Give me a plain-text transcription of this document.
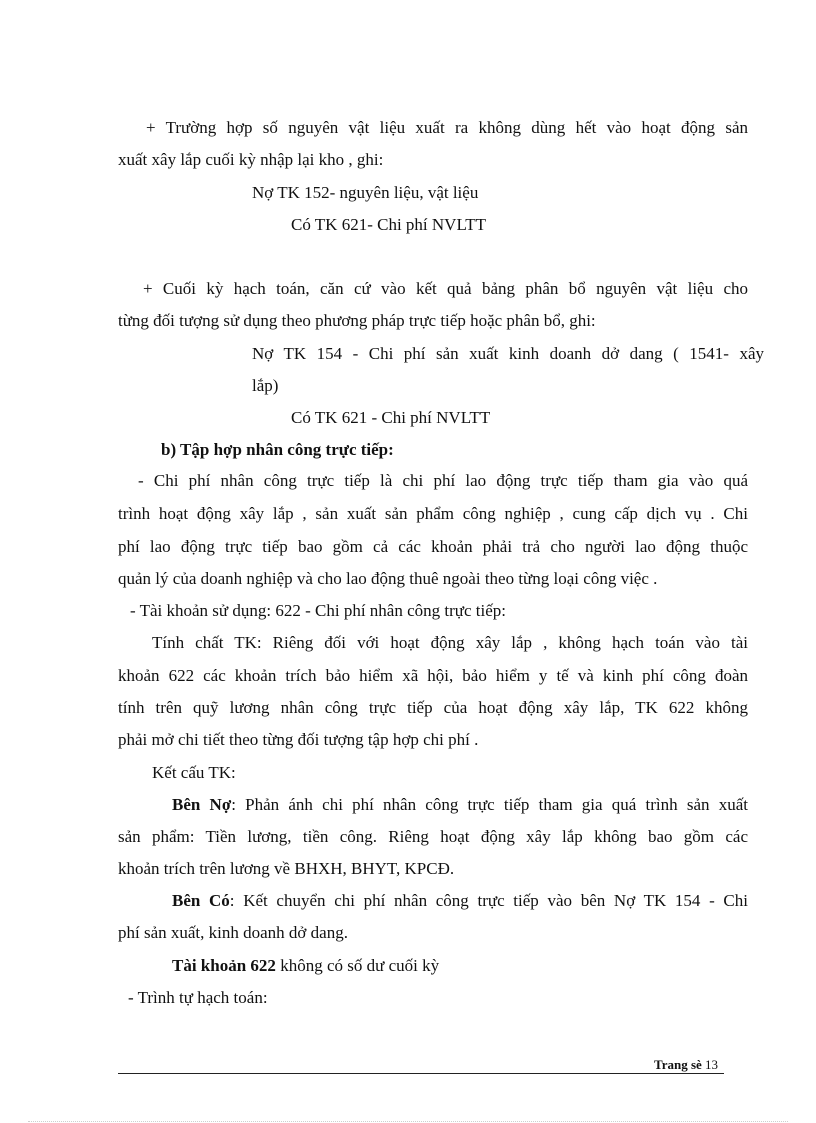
+ Trường hợp số nguyên vật liệu xuất ra không dùng hết vào hoạt động sản
xuất xây lắp cuối kỳ nhập lại kho , ghi:
Nợ TK 152- nguyên liệu, vật liệu
Có TK 621- Chi phí NVLTT
+ Cuối kỳ hạch toán, căn cứ vào kết quả bảng phân bổ nguyên vật liệu cho
từng đối tượng sử dụng theo phương pháp trực tiếp hoặc phân bổ, ghi:
Nợ TK 154 - Chi phí sản xuất kinh doanh dở dang ( 1541- xây
lắp)
Có TK 621 - Chi phí NVLTT
b) Tập hợp nhân công trực tiếp:
- Chi phí nhân công trực tiếp là chi phí lao động trực tiếp tham gia vào quá
trình hoạt động xây lắp , sản xuất sản phẩm công nghiệp , cung cấp dịch vụ . Chi
phí lao động trực tiếp bao gồm cả các khoản phải trả cho người lao động thuộc
quản lý của doanh nghiệp và cho lao động thuê ngoài theo từng loại công việc .
- Tài khoản sử dụng: 622 - Chi phí nhân công trực tiếp:
Tính chất TK: Riêng đối với hoạt động xây lắp , không hạch toán vào tài
khoản 622 các khoản trích bảo hiểm xã hội, bảo hiểm y tế và kinh phí công đoàn
tính trên quỹ lương nhân công trực tiếp của hoạt động xây lắp, TK 622 không
phải mở chi tiết theo từng đối tượng tập hợp chi phí .
Kết cấu TK:
Bên Nợ: Phản ánh chi phí nhân công trực tiếp tham gia quá trình sản xuất
sản phẩm: Tiền lương, tiền công. Riêng hoạt động xây lắp không bao gồm các
khoản trích trên lương về BHXH, BHYT, KPCĐ.
Bên Có: Kết chuyển chi phí nhân công trực tiếp vào bên Nợ TK 154 - Chi
phí sản xuất, kinh doanh dở dang.
Tài khoản 622 không có số dư cuối kỳ
- Trình tự hạch toán:
Trang sè 13
